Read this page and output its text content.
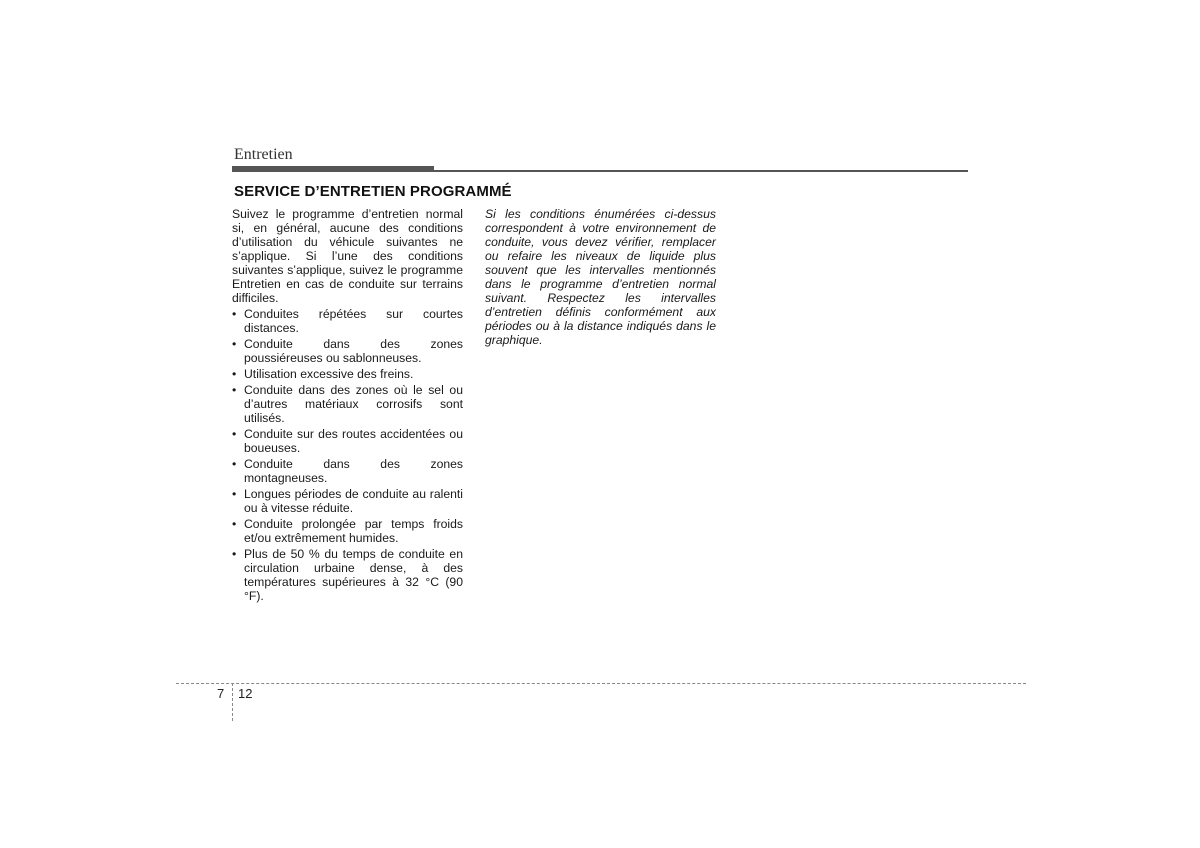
Entretien
SERVICE D’ENTRETIEN PROGRAMMÉ

Suivez le programme d’entretien normal si, en général, aucune des conditions d’utilisation du véhicule suivantes ne s’applique. Si l’une des conditions suivantes s’applique, suivez le programme Entretien en cas de conduite sur terrains difficiles.

• Conduites répétées sur courtes distances.
• Conduite dans des zones poussiéreuses ou sablonneuses.
• Utilisation excessive des freins.
• Conduite dans des zones où le sel ou d’autres matériaux corrosifs sont utilisés.
• Conduite sur des routes accidentées ou boueuses.
• Conduite dans des zones montagneuses.
• Longues périodes de conduite au ralenti ou à vitesse réduite.
• Conduite prolongée par temps froids et/ou extrêmement humides.
• Plus de 50 % du temps de conduite en circulation urbaine dense, à des températures supérieures à 32 °C (90 °F).

Si les conditions énumérées ci-dessus correspondent à votre environnement de conduite, vous devez vérifier, remplacer ou refaire les niveaux de liquide plus souvent que les intervalles mentionnés dans le programme d’entretien normal suivant. Respectez les intervalles d’entretien définis conformément aux périodes ou à la distance indiqués dans le graphique.

7 12
